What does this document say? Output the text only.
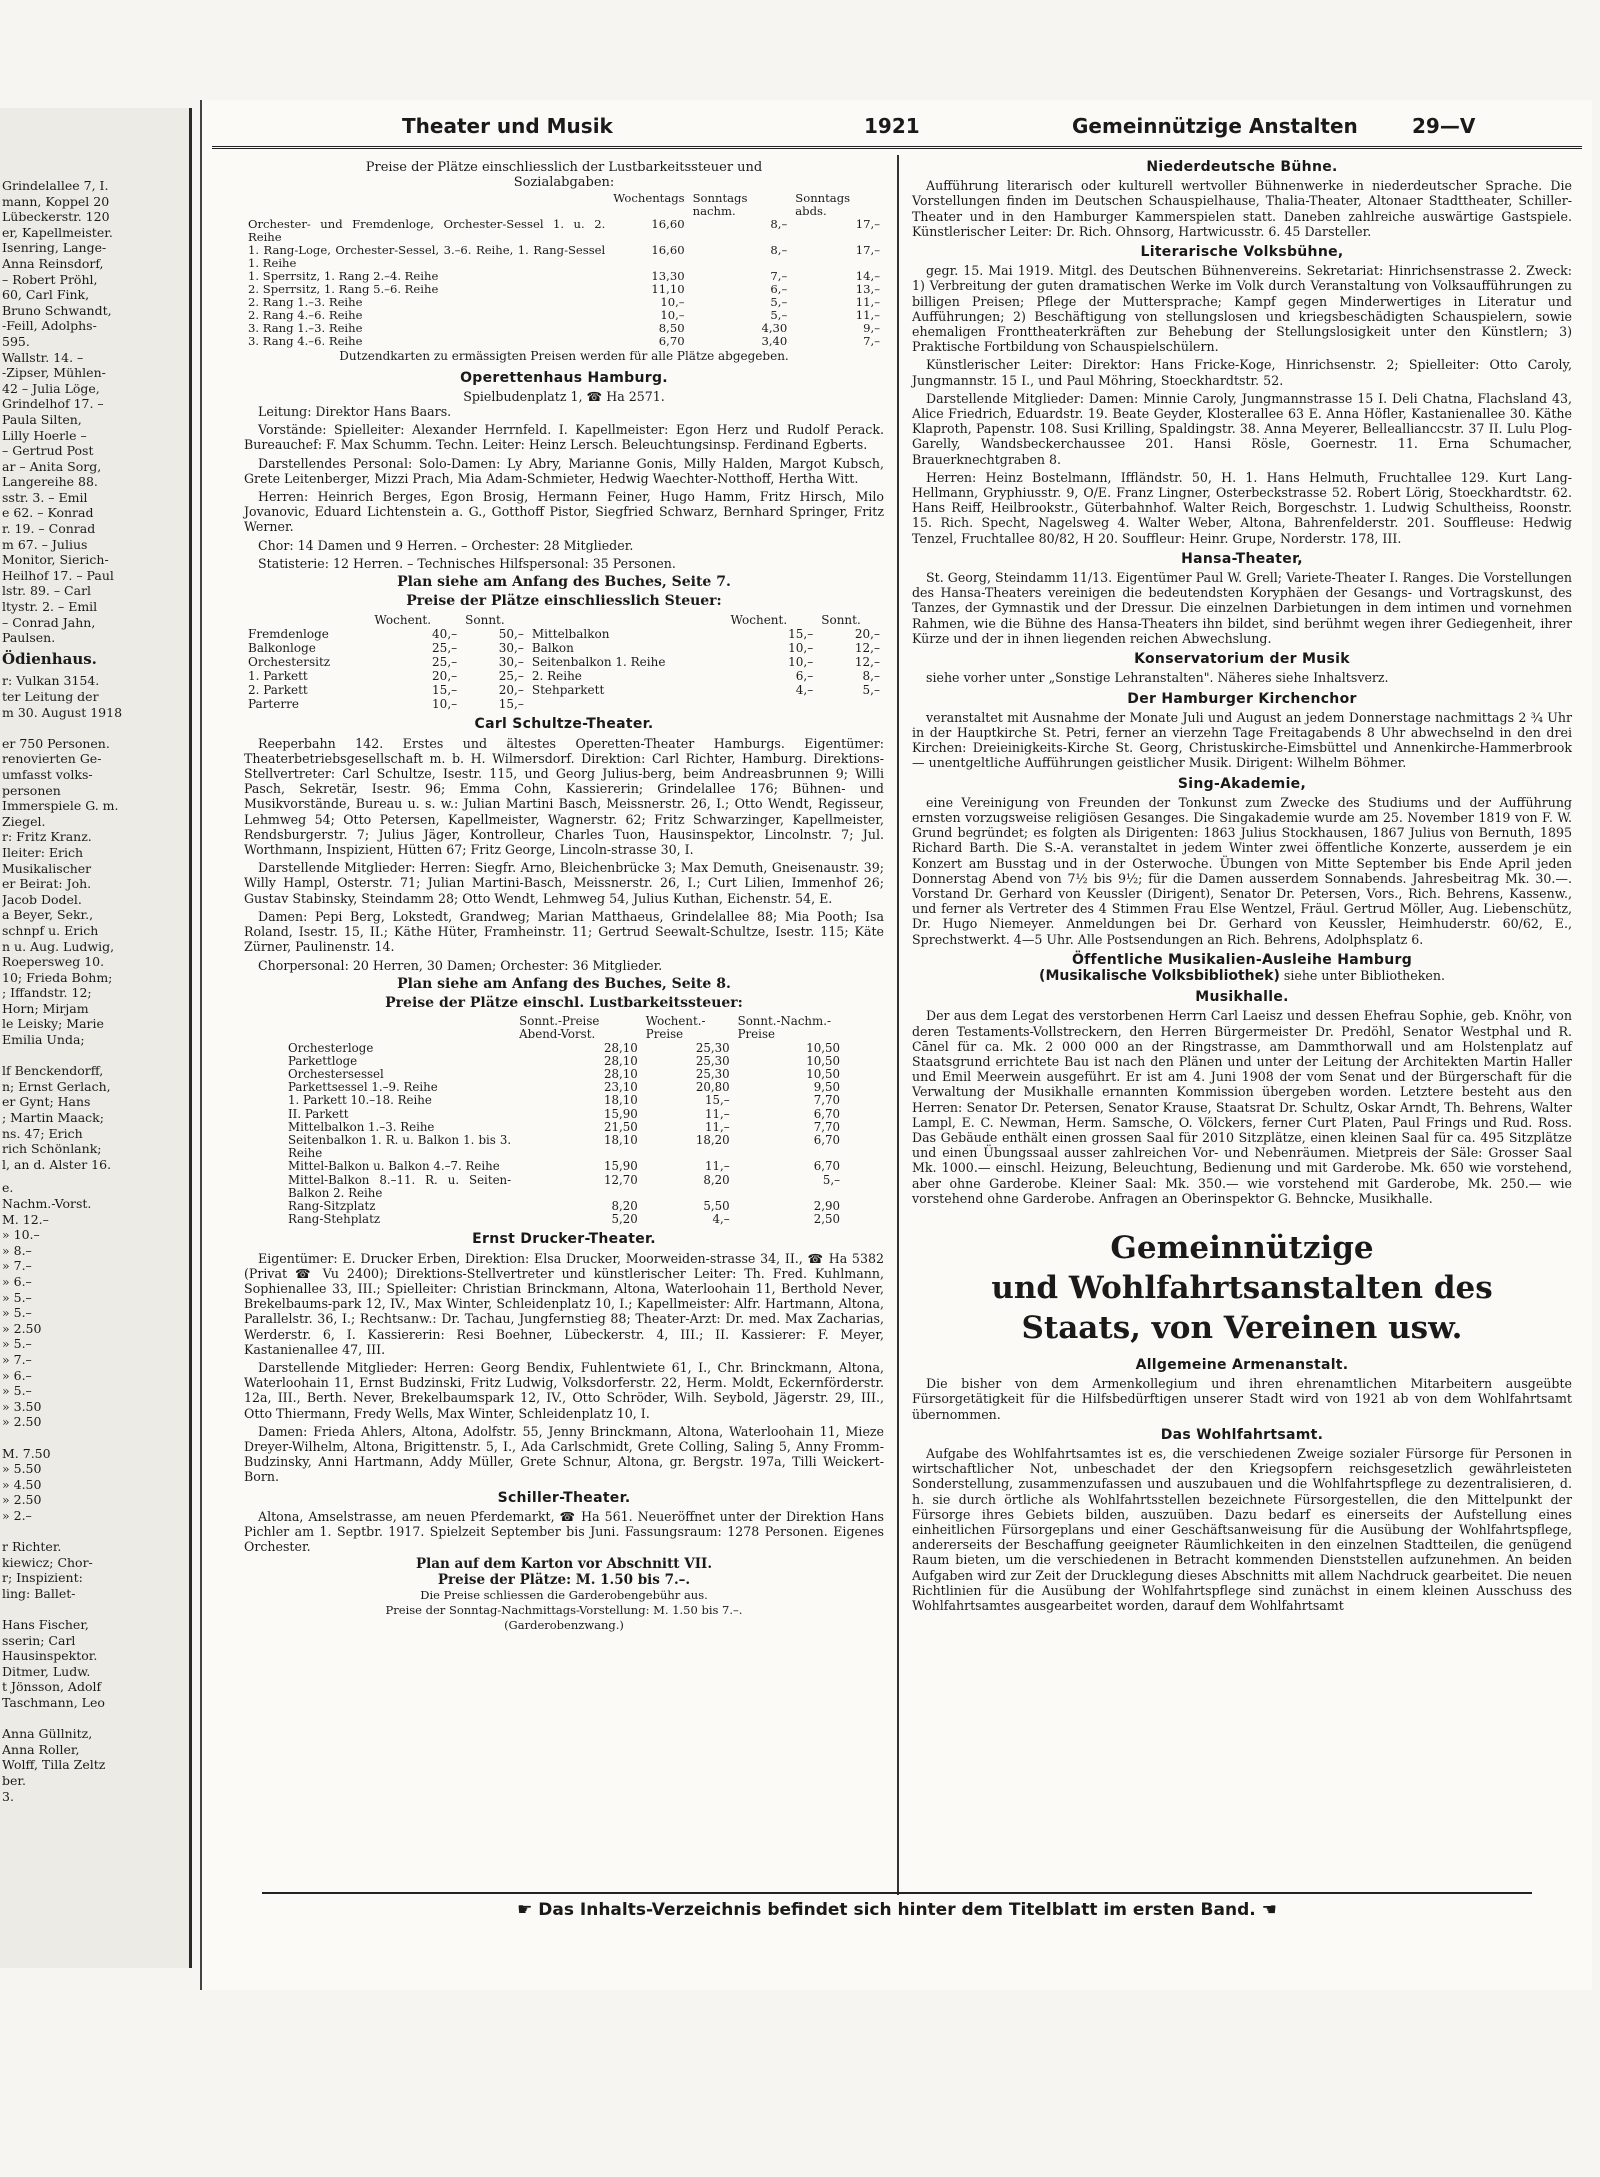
Grindelallee 7, I.
mann, Koppel 20
Lübeckerstr. 120
er, Kapellmeister.
Isenring, Lange-
Anna Reinsdorf,
– Robert Pröhl,
60, Carl Fink,
Bruno Schwandt,
-Feill, Adolphs-
595.
Wallstr. 14. –
-Zipser, Mühlen-
42 – Julia Löge,
Grindelhof 17. –
Paula Silten,
Lilly Hoerle –
– Gertrud Post
ar – Anita Sorg,
Langereihe 88.
sstr. 3. – Emil
e 62. – Konrad
r. 19. – Conrad
m 67. – Julius
Monitor, Sierich-
Heilhof 17. – Paul
lstr. 89. – Carl
ltystr. 2. – Emil
– Conrad Jahn,
Paulsen.
Ödienhaus.
r: Vulkan 3154.
ter Leitung der
m 30. August 1918

er 750 Personen.
renovierten Ge-
umfasst volks-
personen
Immerspiele G. m.
Ziegel.
r: Fritz Kranz.
Ileiter: Erich
Musikalischer
er Beirat: Joh.
Jacob Dodel.
a Beyer, Sekr.,
schnpf u. Erich
n u. Aug. Ludwig,
Roepersweg 10.
10; Frieda Bohm;
; Iffandstr. 12;
Horn; Mirjam
le Leisky; Marie
Emilia Unda;

lf Benckendorff,
n; Ernst Gerlach,
er Gynt; Hans
; Martin Maack;
ns. 47; Erich
rich Schönlank;
l, an d. Alster 16.
e.
Nachm.-Vorst.
M. 12.–
» 10.–
» 8.–
» 7.–
» 6.–
» 5.–
» 5.–
» 2.50
» 5.–
» 7.–
» 6.–
» 5.–
» 3.50
» 2.50

M. 7.50
» 5.50
» 4.50
» 2.50
» 2.–

r Richter.
kiewicz; Chor-
r; Inspizient:
ling: Ballet-

Hans Fischer,
sserin; Carl
Hausinspektor.
Ditmer, Ludw.
t Jönsson, Adolf
Taschmann, Leo

Anna Güllnitz,
Anna Roller,
Wolff, Tilla Zeltz
ber.
3.
Theater und Musik	1921	Gemeinnützige Anstalten	29—V
Preise der Plätze einschliesslich der Lustbarkeitssteuer und Sozialabgaben:
	Wochentags	Sonntags nachm.	Sonntags abds.
Orchester- und Fremdenloge, Orchester-Sessel 1. u. 2. Reihe	16,60	8,–	17,–
1. Rang-Loge, Orchester-Sessel, 3.–6. Reihe, 1. Rang-Sessel 1. Reihe	16,60	8,–	17,–
1. Sperrsitz, 1. Rang 2.–4. Reihe	13,30	7,–	14,–
2. Sperrsitz, 1. Rang 5.–6. Reihe	11,10	6,–	13,–
2. Rang 1.–3. Reihe	10,–	5,–	11,–
2. Rang 4.–6. Reihe	10,–	5,–	11,–
3. Rang 1.–3. Reihe	8,50	4,30	9,–
3. Rang 4.–6. Reihe	6,70	3,40	7,–
Dutzendkarten zu ermässigten Preisen werden für alle Plätze abgegeben.
Operettenhaus Hamburg.
Spielbudenplatz 1, ☎ Ha 2571.

Leitung: Direktor Hans Baars.

Vorstände: Spielleiter: Alexander Herrnfeld. I. Kapellmeister: Egon Herz und Rudolf Perack. Bureauchef: F. Max Schumm. Techn. Leiter: Heinz Lersch. Beleuchtungsinsp. Ferdinand Egberts.

Darstellendes Personal: Solo-Damen: Ly Abry, Marianne Gonis, Milly Halden, Margot Kubsch, Grete Leitenberger, Mizzi Prach, Mia Adam-Schmieter, Hedwig Waechter-Notthoff, Hertha Witt.

Herren: Heinrich Berges, Egon Brosig, Hermann Feiner, Hugo Hamm, Fritz Hirsch, Milo Jovanovic, Eduard Lichtenstein a. G., Gotthoff Pistor, Siegfried Schwarz, Bernhard Springer, Fritz Werner.

Chor: 14 Damen und 9 Herren. – Orchester: 28 Mitglieder.

Statisterie: 12 Herren. – Technisches Hilfspersonal: 35 Personen.

Plan siehe am Anfang des Buches, Seite 7.
Preise der Plätze einschliesslich Steuer:
	Wochent.	Sonnt.		Wochent.	Sonnt.
Fremdenloge	40,–	50,–	Mittelbalkon	15,–	20,–
Balkonloge	25,–	30,–	Balkon	10,–	12,–
Orchestersitz	25,–	30,–	Seitenbalkon 1. Reihe	10,–	12,–
1. Parkett	20,–	25,–	2. Reihe	6,–	8,–
2. Parkett	15,–	20,–	Stehparkett	4,–	5,–
Parterre	10,–	15,–			
Carl Schultze-Theater.

Reeperbahn 142. Erstes und ältestes Operetten-Theater Hamburgs. Eigentümer: Theaterbetriebsgesellschaft m. b. H. Wilmersdorf. Direktion: Carl Richter, Hamburg. Direktions-Stellvertreter: Carl Schultze, Isestr. 115, und Georg Julius-berg, beim Andreasbrunnen 9; Willi Pasch, Sekretär, Isestr. 96; Emma Cohn, Kassiererin; Grindelallee 176; Bühnen- und Musikvorstände, Bureau u. s. w.: Julian Martini Basch, Meissnerstr. 26, I.; Otto Wendt, Regisseur, Lehmweg 54; Otto Petersen, Kapellmeister, Wagnerstr. 62; Fritz Schwarzinger, Kapellmeister, Rendsburgerstr. 7; Julius Jäger, Kontrolleur, Charles Tuon, Hausinspektor, Lincolnstr. 7; Jul. Worthmann, Inspizient, Hütten 67; Fritz George, Lincoln-strasse 30, I.

Darstellende Mitglieder: Herren: Siegfr. Arno, Bleichenbrücke 3; Max Demuth, Gneisenaustr. 39; Willy Hampl, Osterstr. 71; Julian Martini-Basch, Meissnerstr. 26, I.; Curt Lilien, Immenhof 26; Gustav Stabinsky, Steindamm 28; Otto Wendt, Lehmweg 54, Julius Kuthan, Eichenstr. 54, E.

Damen: Pepi Berg, Lokstedt, Grandweg; Marian Matthaeus, Grindelallee 88; Mia Pooth; Isa Roland, Isestr. 15, II.; Käthe Hüter, Framheinstr. 11; Gertrud Seewalt-Schultze, Isestr. 115; Käte Zürner, Paulinenstr. 14.

Chorpersonal: 20 Herren, 30 Damen; Orchester: 36 Mitglieder.

Plan siehe am Anfang des Buches, Seite 8.
Preise der Plätze einschl. Lustbarkeitssteuer:
	Sonnt.-Preise Abend-Vorst.	Wochent.-Preise	Sonnt.-Nachm.-Preise
Orchesterloge	28,10	25,30	10,50
Parkettloge	28,10	25,30	10,50
Orchestersessel	28,10	25,30	10,50
Parkettsessel 1.–9. Reihe	23,10	20,80	9,50
1. Parkett 10.–18. Reihe	18,10	15,–	7,70
II. Parkett	15,90	11,–	6,70
Mittelbalkon 1.–3. Reihe	21,50	11,–	7,70
Seitenbalkon 1. R. u. Balkon 1. bis 3. Reihe	18,10	18,20	6,70
Mittel-Balkon u. Balkon 4.–7. Reihe	15,90	11,–	6,70
Mittel-Balkon 8.–11. R. u. Seiten-Balkon 2. Reihe	12,70	8,20	5,–
Rang-Sitzplatz	8,20	5,50	2,90
Rang-Stehplatz	5,20	4,–	2,50
Ernst Drucker-Theater.

Eigentümer: E. Drucker Erben, Direktion: Elsa Drucker, Moorweiden-strasse 34, II., ☎ Ha 5382 (Privat ☎ Vu 2400); Direktions-Stellvertreter und künstlerischer Leiter: Th. Fred. Kuhlmann, Sophienallee 33, III.; Spielleiter: Christian Brinckmann, Altona, Waterloohain 11, Berthold Never, Brekelbaums-park 12, IV., Max Winter, Schleidenplatz 10, I.; Kapellmeister: Alfr. Hartmann, Altona, Parallelstr. 36, I.; Rechtsanw.: Dr. Tachau, Jungfernstieg 88; Theater-Arzt: Dr. med. Max Zacharias, Werderstr. 6, I. Kassiererin: Resi Boehner, Lübeckerstr. 4, III.; II. Kassierer: F. Meyer, Kastanienallee 47, III.

Darstellende Mitglieder: Herren: Georg Bendix, Fuhlentwiete 61, I., Chr. Brinckmann, Altona, Waterloohain 11, Ernst Budzinski, Fritz Ludwig, Volksdorferstr. 22, Herm. Moldt, Eckernförderstr. 12a, III., Berth. Never, Brekelbaumspark 12, IV., Otto Schröder, Wilh. Seybold, Jägerstr. 29, III., Otto Thiermann, Fredy Wells, Max Winter, Schleidenplatz 10, I.

Damen: Frieda Ahlers, Altona, Adolfstr. 55, Jenny Brinckmann, Altona, Waterloohain 11, Mieze Dreyer-Wilhelm, Altona, Brigittenstr. 5, I., Ada Carlschmidt, Grete Colling, Saling 5, Anny Fromm-Budzinsky, Anni Hartmann, Addy Müller, Grete Schnur, Altona, gr. Bergstr. 197a, Tilli Weickert-Born.

Schiller-Theater.

Altona, Amselstrasse, am neuen Pferdemarkt, ☎ Ha 561. Neueröffnet unter der Direktion Hans Pichler am 1. Septbr. 1917. Spielzeit September bis Juni. Fassungsraum: 1278 Personen. Eigenes Orchester.

Plan auf dem Karton vor Abschnitt VII.
Preise der Plätze: M. 1.50 bis 7.–.
Die Preise schliessen die Garderobengebühr aus.
Preise der Sonntag-Nachmittags-Vorstellung: M. 1.50 bis 7.–.
(Garderobenzwang.)
Niederdeutsche Bühne.

Aufführung literarisch oder kulturell wertvoller Bühnenwerke in niederdeutscher Sprache. Die Vorstellungen finden im Deutschen Schauspielhause, Thalia-Theater, Altonaer Stadttheater, Schiller-Theater und in den Hamburger Kammerspielen statt. Daneben zahlreiche auswärtige Gastspiele. Künstlerischer Leiter: Dr. Rich. Ohnsorg, Hartwicusstr. 6. 45 Darsteller.

Literarische Volksbühne,

gegr. 15. Mai 1919. Mitgl. des Deutschen Bühnenvereins. Sekretariat: Hinrichsenstrasse 2. Zweck: 1) Verbreitung der guten dramatischen Werke im Volk durch Veranstaltung von Volksaufführungen zu billigen Preisen; Pflege der Muttersprache; Kampf gegen Minderwertiges in Literatur und Aufführungen; 2) Beschäftigung von stellungslosen und kriegsbeschädigten Schauspielern, sowie ehemaligen Fronttheaterkräften zur Behebung der Stellungslosigkeit unter den Künstlern; 3) Praktische Fortbildung von Schauspielschülern.

Künstlerischer Leiter: Direktor: Hans Fricke-Koge, Hinrichsenstr. 2; Spielleiter: Otto Caroly, Jungmannstr. 15 I., und Paul Möhring, Stoeckhardtstr. 52.

Darstellende Mitglieder: Damen: Minnie Caroly, Jungmannstrasse 15 I. Deli Chatna, Flachsland 43, Alice Friedrich, Eduardstr. 19. Beate Geyder, Klosterallee 63 E. Anna Höfler, Kastanienallee 30. Käthe Klaproth, Papenstr. 108. Susi Krilling, Spaldingstr. 38. Anna Meyerer, Belleallianccstr. 37 II. Lulu Plog-Garelly, Wandsbeckerchaussee 201. Hansi Rösle, Goernestr. 11. Erna Schumacher, Brauerknechtgraben 8.

Herren: Heinz Bostelmann, Iffländstr. 50, H. 1. Hans Helmuth, Fruchtallee 129. Kurt Lang-Hellmann, Gryphiusstr. 9, O/E. Franz Lingner, Osterbeckstrasse 52. Robert Lörig, Stoeckhardtstr. 62. Hans Reiff, Heilbrookstr., Güterbahnhof. Walter Reich, Borgeschstr. 1. Ludwig Schultheiss, Roonstr. 15. Rich. Specht, Nagelsweg 4. Walter Weber, Altona, Bahrenfelderstr. 201. Souffleuse: Hedwig Tenzel, Fruchtallee 80/82, H 20. Souffleur: Heinr. Grupe, Norderstr. 178, III.

Hansa-Theater,

St. Georg, Steindamm 11/13. Eigentümer Paul W. Grell; Variete-Theater I. Ranges. Die Vorstellungen des Hansa-Theaters vereinigen die bedeutendsten Koryphäen der Gesangs- und Vortragskunst, des Tanzes, der Gymnastik und der Dressur. Die einzelnen Darbietungen in dem intimen und vornehmen Rahmen, wie die Bühne des Hansa-Theaters ihn bildet, sind berühmt wegen ihrer Gediegenheit, ihrer Kürze und der in ihnen liegenden reichen Abwechslung.

Konservatorium der Musik

siehe vorher unter „Sonstige Lehranstalten". Näheres siehe Inhaltsverz.

Der Hamburger Kirchenchor

veranstaltet mit Ausnahme der Monate Juli und August an jedem Donnerstage nachmittags 2 ¾ Uhr in der Hauptkirche St. Petri, ferner an vierzehn Tage Freitagabends 8 Uhr abwechselnd in den drei Kirchen: Dreieinigkeits-Kirche St. Georg, Christuskirche-Eimsbüttel und Annenkirche-Hammerbrook — unentgeltliche Aufführungen geistlicher Musik. Dirigent: Wilhelm Böhmer.

Sing-Akademie,

eine Vereinigung von Freunden der Tonkunst zum Zwecke des Studiums und der Aufführung ernsten vorzugsweise religiösen Gesanges. Die Singakademie wurde am 25. November 1819 von F. W. Grund begründet; es folgten als Dirigenten: 1863 Julius Stockhausen, 1867 Julius von Bernuth, 1895 Richard Barth. Die S.-A. veranstaltet in jedem Winter zwei öffentliche Konzerte, ausserdem je ein Konzert am Busstag und in der Osterwoche. Übungen von Mitte September bis Ende April jeden Donnerstag Abend von 7½ bis 9½; für die Damen ausserdem Sonnabends. Jahresbeitrag Mk. 30.—. Vorstand Dr. Gerhard von Keussler (Dirigent), Senator Dr. Petersen, Vors., Rich. Behrens, Kassenw., und ferner als Vertreter des 4 Stimmen Frau Else Wentzel, Fräul. Gertrud Möller, Aug. Liebenschütz, Dr. Hugo Niemeyer. Anmeldungen bei Dr. Gerhard von Keussler, Heimhuderstr. 60/62, E., Sprechstwerkt. 4—5 Uhr. Alle Postsendungen an Rich. Behrens, Adolphsplatz 6.

Öffentliche Musikalien-Ausleihe Hamburg
(Musikalische Volksbibliothek) siehe unter Bibliotheken.
Musikhalle.

Der aus dem Legat des verstorbenen Herrn Carl Laeisz und dessen Ehefrau Sophie, geb. Knöhr, von deren Testaments-Vollstreckern, den Herren Bürgermeister Dr. Predöhl, Senator Westphal und R. Cānel für ca. Mk. 2 000 000 an der Ringstrasse, am Dammthorwall und am Holstenplatz auf Staatsgrund errichtete Bau ist nach den Plänen und unter der Leitung der Architekten Martin Haller und Emil Meerwein ausgeführt. Er ist am 4. Juni 1908 der vom Senat und der Bürgerschaft für die Verwaltung der Musikhalle ernannten Kommission übergeben worden. Letztere besteht aus den Herren: Senator Dr. Petersen, Senator Krause, Staatsrat Dr. Schultz, Oskar Arndt, Th. Behrens, Walter Lampl, E. C. Newman, Herm. Samsche, O. Völckers, ferner Curt Platen, Paul Frings und Rud. Ross. Das Gebäude enthält einen grossen Saal für 2010 Sitzplätze, einen kleinen Saal für ca. 495 Sitzplätze und einen Übungssaal ausser zahlreichen Vor- und Nebenräumen. Mietpreis der Säle: Grosser Saal Mk. 1000.— einschl. Heizung, Beleuchtung, Bedienung und mit Garderobe. Mk. 650 wie vorstehend, aber ohne Garderobe. Kleiner Saal: Mk. 350.— wie vorstehend mit Garderobe, Mk. 250.— wie vorstehend ohne Garderobe. Anfragen an Oberinspektor G. Behncke, Musikhalle.

Gemeinnützige
und Wohlfahrtsanstalten des
Staats, von Vereinen usw.
Allgemeine Armenanstalt.

Die bisher von dem Armenkollegium und ihren ehrenamtlichen Mitarbeitern ausgeübte Fürsorgetätigkeit für die Hilfsbedürftigen unserer Stadt wird von 1921 ab von dem Wohlfahrtsamt übernommen.

Das Wohlfahrtsamt.

Aufgabe des Wohlfahrtsamtes ist es, die verschiedenen Zweige sozialer Fürsorge für Personen in wirtschaftlicher Not, unbeschadet der den Kriegsopfern reichsgesetzlich gewährleisteten Sonderstellung, zusammenzufassen und auszubauen und die Wohlfahrtspflege zu dezentralisieren, d. h. sie durch örtliche als Wohlfahrtsstellen bezeichnete Fürsorgestellen, die den Mittelpunkt der Fürsorge ihres Gebiets bilden, auszuüben. Dazu bedarf es einerseits der Aufstellung eines einheitlichen Fürsorgeplans und einer Geschäftsanweisung für die Ausübung der Wohlfahrtspflege, andererseits der Beschaffung geeigneter Räumlichkeiten in den einzelnen Stadtteilen, die genügend Raum bieten, um die verschiedenen in Betracht kommenden Dienststellen aufzunehmen. An beiden Aufgaben wird zur Zeit der Drucklegung dieses Abschnitts mit allem Nachdruck gearbeitet. Die neuen Richtlinien für die Ausübung der Wohlfahrtspflege sind zunächst in einem kleinen Ausschuss des Wohlfahrtsamtes ausgearbeitet worden, darauf dem Wohlfahrtsamt

☛ Das Inhalts-Verzeichnis befindet sich hinter dem Titelblatt im ersten Band. ☚
